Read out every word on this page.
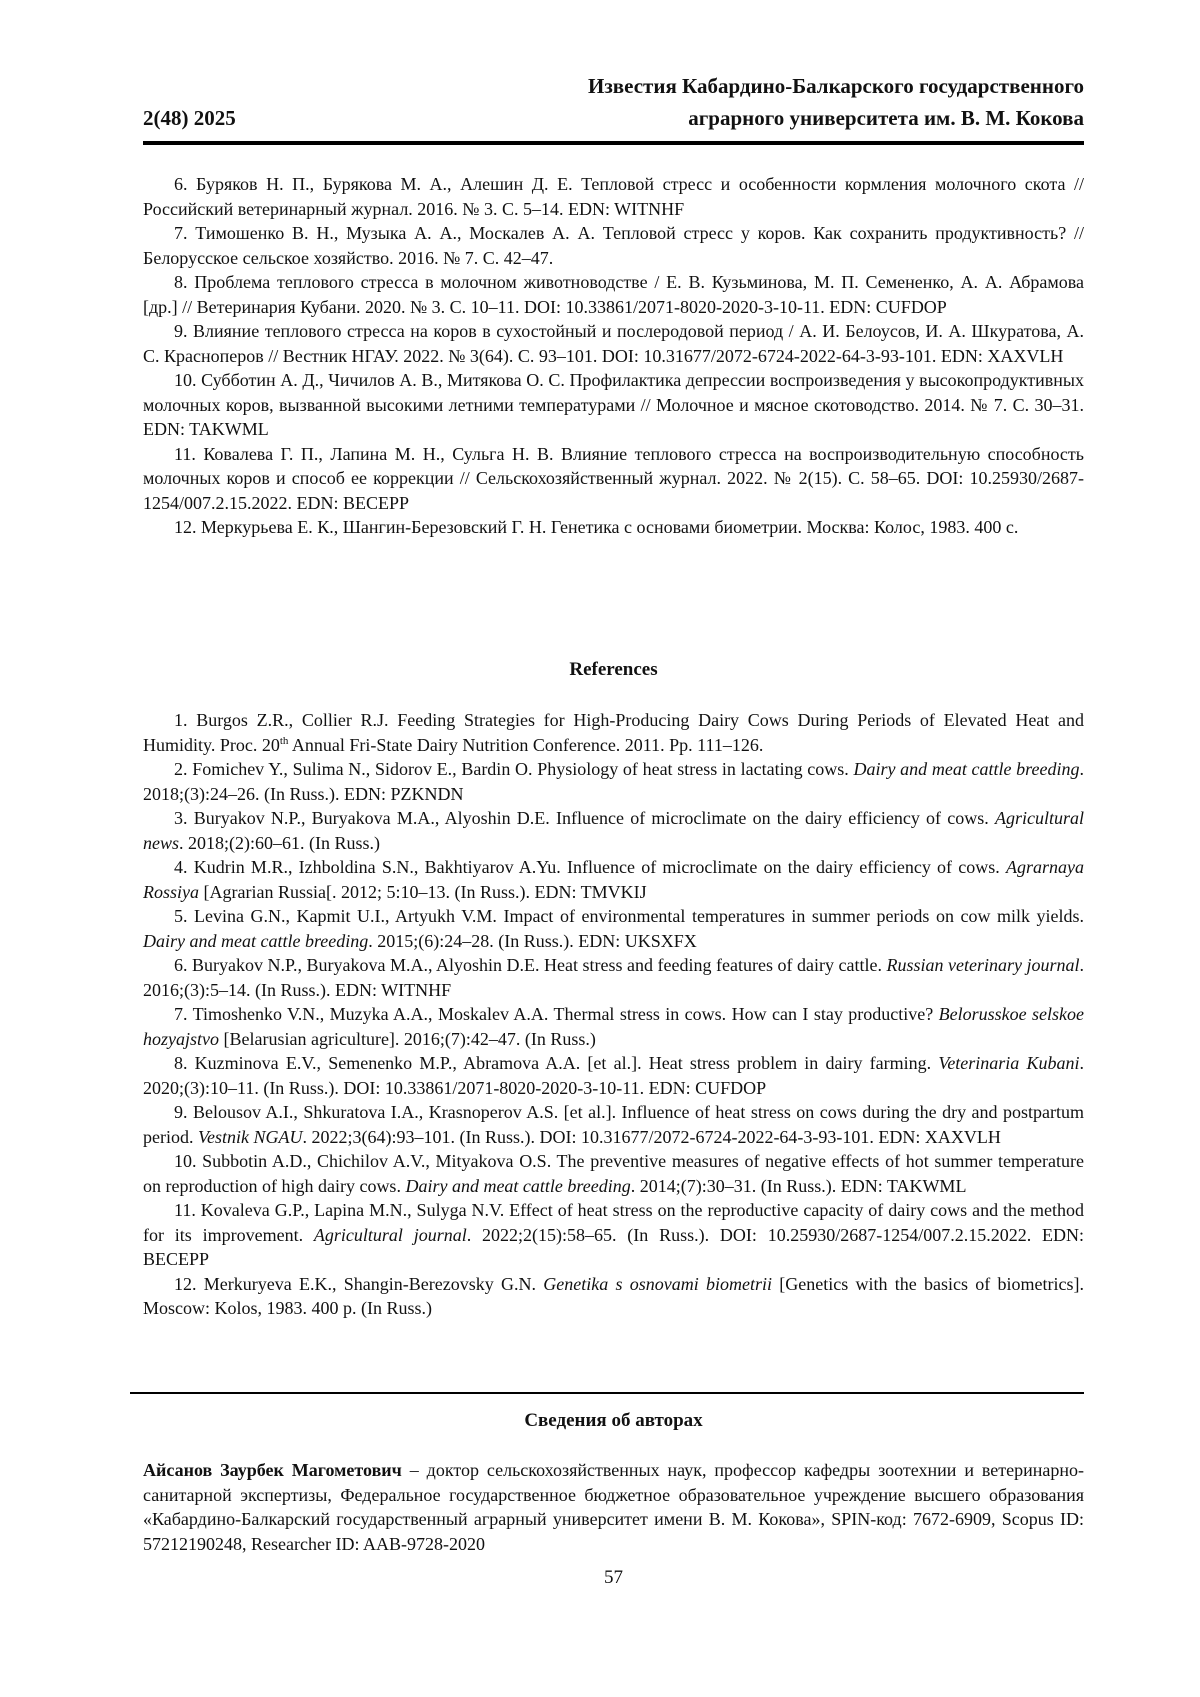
Известия Кабардино-Балкарского государственного
2(48) 2025	аграрного университета им. В. М. Кокова
6. Буряков Н. П., Бурякова М. А., Алешин Д. Е. Тепловой стресс и особенности кормления молочного скота // Российский ветеринарный журнал. 2016. № 3. С. 5–14. EDN: WITNHF
7. Тимошенко В. Н., Музыка А. А., Москалев А. А. Тепловой стресс у коров. Как сохранить продуктивность? // Белорусское сельское хозяйство. 2016. № 7. С. 42–47.
8. Проблема теплового стресса в молочном животноводстве / Е. В. Кузьминова, М. П. Семененко, А. А. Абрамова [др.] // Ветеринария Кубани. 2020. № 3. С. 10–11. DOI: 10.33861/2071-8020-2020-3-10-11. EDN: CUFDOP
9. Влияние теплового стресса на коров в сухостойный и послеродовой период / А. И. Белоусов, И. А. Шкуратова, А. С. Красноперов // Вестник НГАУ. 2022. № 3(64). С. 93–101. DOI: 10.31677/2072-6724-2022-64-3-93-101. EDN: XAXVLH
10. Субботин А. Д., Чичилов А. В., Митякова О. С. Профилактика депрессии воспроизведения у высокопродуктивных молочных коров, вызванной высокими летними температурами // Молочное и мясное скотоводство. 2014. № 7. С. 30–31. EDN: TAKWML
11. Ковалева Г. П., Лапина М. Н., Сульга Н. В. Влияние теплового стресса на воспроизводительную способность молочных коров и способ ее коррекции // Сельскохозяйственный журнал. 2022. № 2(15). С. 58–65. DOI: 10.25930/2687-1254/007.2.15.2022. EDN: BECEPP
12. Меркурьева Е. К., Шангин-Березовский Г. Н. Генетика с основами биометрии. Москва: Колос, 1983. 400 с.
References
1. Burgos Z.R., Collier R.J. Feeding Strategies for High-Producing Dairy Cows During Periods of Elevated Heat and Humidity. Proc. 20th Annual Fri-State Dairy Nutrition Conference. 2011. Pp. 111–126.
2. Fomichev Y., Sulima N., Sidorov E., Bardin O. Physiology of heat stress in lactating cows. Dairy and meat cattle breeding. 2018;(3):24–26. (In Russ.). EDN: PZKNDN
3. Buryakov N.P., Buryakova M.A., Alyoshin D.E. Influence of microclimate on the dairy efficiency of cows. Agricultural news. 2018;(2):60–61. (In Russ.)
4. Kudrin M.R., Izhboldina S.N., Bakhtiyarov A.Yu. Influence of microclimate on the dairy efficiency of cows. Agrarnaya Rossiya [Agrarian Russia[. 2012; 5:10–13. (In Russ.). EDN: TMVKIJ
5. Levina G.N., Kapmit U.I., Artyukh V.M. Impact of environmental temperatures in summer periods on cow milk yields. Dairy and meat cattle breeding. 2015;(6):24–28. (In Russ.). EDN: UKSXFX
6. Buryakov N.P., Buryakova M.A., Alyoshin D.E. Heat stress and feeding features of dairy cattle. Russian veterinary journal. 2016;(3):5–14. (In Russ.). EDN: WITNHF
7. Timoshenko V.N., Muzyka A.A., Moskalev A.A. Thermal stress in cows. How can I stay productive? Belorusskoe selskoe hozyajstvo [Belarusian agriculture]. 2016;(7):42–47. (In Russ.)
8. Kuzminova E.V., Semenenko M.P., Abramova A.A. [et al.]. Heat stress problem in dairy farming. Veterinaria Kubani. 2020;(3):10–11. (In Russ.). DOI: 10.33861/2071-8020-2020-3-10-11. EDN: CUFDOP
9. Belousov A.I., Shkuratova I.A., Krasnoperov A.S. [et al.]. Influence of heat stress on cows during the dry and postpartum period. Vestnik NGAU. 2022;3(64):93–101. (In Russ.). DOI: 10.31677/2072-6724-2022-64-3-93-101. EDN: XAXVLH
10. Subbotin A.D., Chichilov A.V., Mityakova O.S. The preventive measures of negative effects of hot summer temperature on reproduction of high dairy cows. Dairy and meat cattle breeding. 2014;(7):30–31. (In Russ.). EDN: TAKWML
11. Kovaleva G.P., Lapina M.N., Sulyga N.V. Effect of heat stress on the reproductive capacity of dairy cows and the method for its improvement. Agricultural journal. 2022;2(15):58–65. (In Russ.). DOI: 10.25930/2687-1254/007.2.15.2022. EDN: BECEPP
12. Merkuryeva E.K., Shangin-Berezovsky G.N. Genetika s osnovami biometrii [Genetics with the basics of biometrics]. Moscow: Kolos, 1983. 400 p. (In Russ.)
Сведения об авторах

Айсанов Заурбек Магометович – доктор сельскохозяйственных наук, профессор кафедры зоотехнии и ветеринарно-санитарной экспертизы, Федеральное государственное бюджетное образовательное учреждение высшего образования «Кабардино-Балкарский государственный аграрный университет имени В. М. Кокова», SPIN-код: 7672-6909, Scopus ID: 57212190248, Researcher ID: AAB-9728-2020

57
